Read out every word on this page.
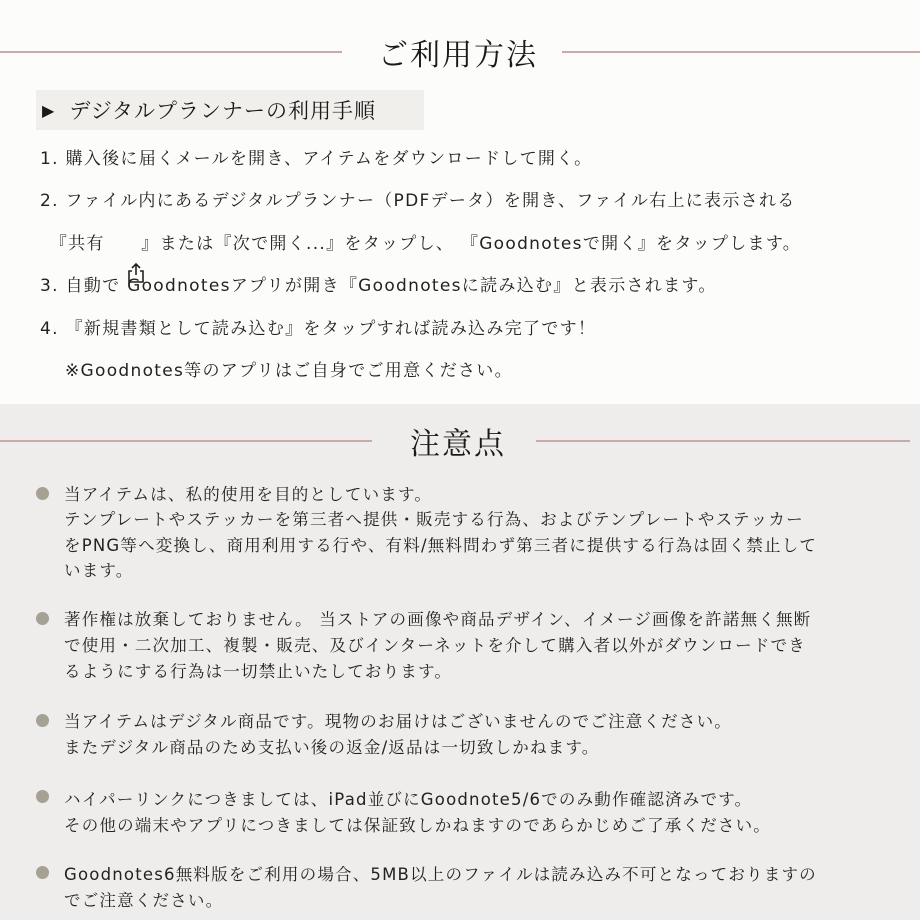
ご利用方法
▶ デジタルプランナーの利用手順
1. 購入後に届くメールを開き、アイテムをダウンロードして開く。
2. ファイル内にあるデジタルプランナー（PDFデータ）を開き、ファイル右上に表示される
　『共有　　』または『次で開く...』をタップし、 『Goodnotesで開く』をタップします。
3. 自動で Goodnotesアプリが開き『Goodnotesに読み込む』と表示されます。
4. 『新規書類として読み込む』をタップすれば読み込み完了です！
　 ※Goodnotes等のアプリはご自身でご用意ください。
注意点
当アイテムは、私的使用を目的としています。
テンプレートやステッカーを第三者へ提供・販売する行為、およびテンプレートやステッカー
をPNG等へ変換し、商用利用する行や、有料/無料問わず第三者に提供する行為は固く禁止して
います。
著作権は放棄しておりません。 当ストアの画像や商品デザイン、イメージ画像を許諾無く無断
で使用・二次加工、複製・販売、及びインターネットを介して購入者以外がダウンロードでき
るようにする行為は一切禁止いたしております。
当アイテムはデジタル商品です。現物のお届けはございませんのでご注意ください。
またデジタル商品のため支払い後の返金/返品は一切致しかねます。
ハイパーリンクにつきましては、iPad並びにGoodnote5/6でのみ動作確認済みです。
その他の端末やアプリにつきましては保証致しかねますのであらかじめご了承ください。
Goodnotes6無料版をご利用の場合、5MB以上のファイルは読み込み不可となっておりますの
でご注意ください。
